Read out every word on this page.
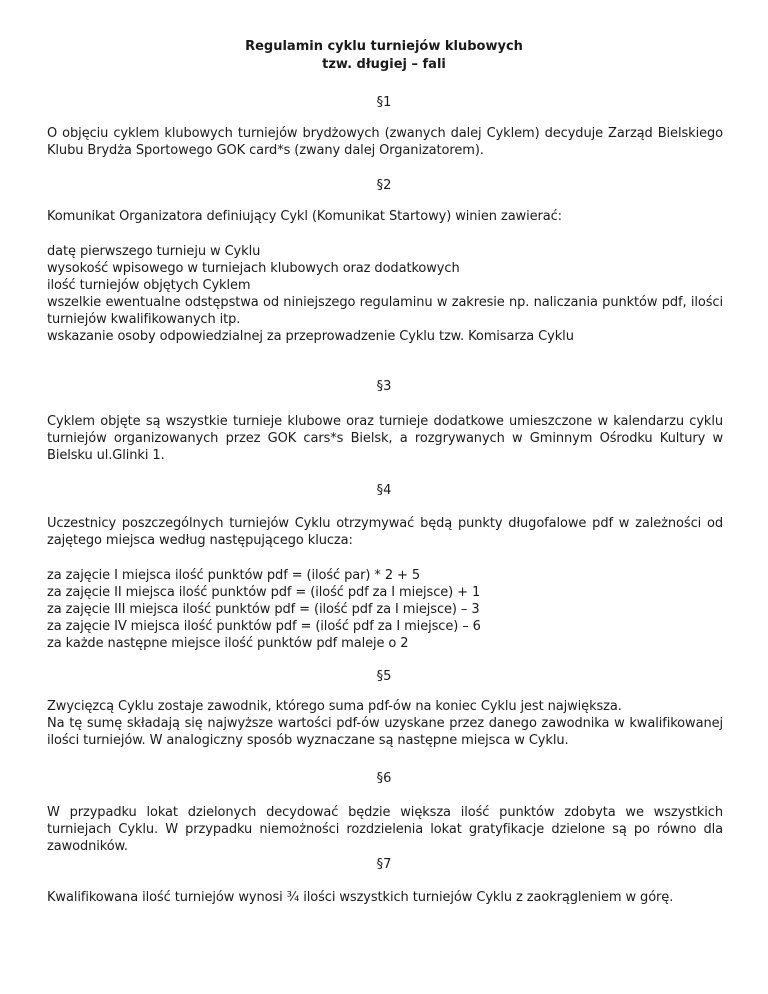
Regulamin cyklu turniejów klubowych
tzw. długiej – fali
§1
O objęciu cyklem klubowych turniejów brydżowych (zwanych dalej Cyklem) decyduje Zarząd Bielskiego Klubu Brydża Sportowego GOK card*s (zwany dalej Organizatorem).
§2
Komunikat Organizatora definiujący Cykl (Komunikat Startowy) winien zawierać:
datę pierwszego turnieju w Cyklu
wysokość wpisowego w turniejach klubowych oraz dodatkowych
ilość turniejów objętych Cyklem
wszelkie ewentualne odstępstwa od niniejszego regulaminu w zakresie np. naliczania punktów pdf, ilości turniejów kwalifikowanych itp.
wskazanie osoby odpowiedzialnej za przeprowadzenie Cyklu tzw. Komisarza Cyklu
§3
Cyklem objęte są wszystkie turnieje klubowe oraz turnieje dodatkowe umieszczone w kalendarzu cyklu turniejów organizowanych przez GOK cars*s Bielsk, a rozgrywanych w Gminnym Ośrodku Kultury w Bielsku ul.Glinki 1.
§4
Uczestnicy poszczególnych turniejów Cyklu otrzymywać będą punkty długofalowe pdf w zależności od zajętego miejsca według następującego klucza:
za zajęcie I miejsca ilość punktów pdf = (ilość par) * 2 + 5
za zajęcie II miejsca ilość punktów pdf = (ilość pdf za I miejsce) + 1
za zajęcie III miejsca ilość punktów pdf = (ilość pdf za I miejsce) – 3
za zajęcie IV miejsca ilość punktów pdf = (ilość pdf za I miejsce) – 6
za każde następne miejsce ilość punktów pdf maleje o 2
§5
Zwycięzcą Cyklu zostaje zawodnik, którego suma pdf-ów na koniec Cyklu jest największa.
Na tę sumę składają się najwyższe wartości pdf-ów uzyskane przez danego zawodnika w kwalifikowanej ilości turniejów. W analogiczny sposób wyznaczane są następne miejsca w Cyklu.
§6
W przypadku lokat dzielonych decydować będzie większa ilość punktów zdobyta we wszystkich turniejach Cyklu. W przypadku niemożności rozdzielenia lokat gratyfikacje dzielone są po równo dla zawodników.
§7
Kwalifikowana ilość turniejów wynosi ¾ ilości wszystkich turniejów Cyklu z zaokrągleniem w górę.
